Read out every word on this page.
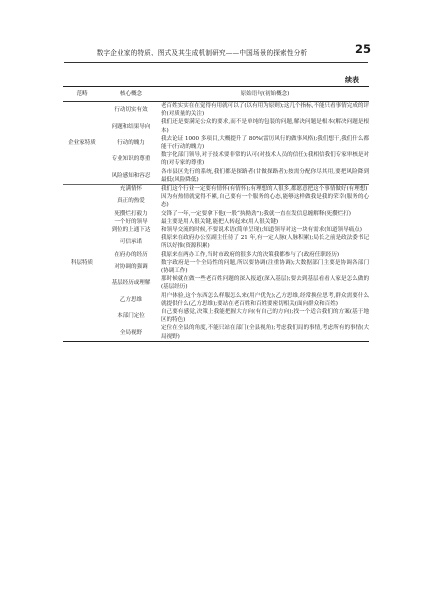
数字企业家的特质、图式及其生成机制研究——中国场景的探索性分析	25
续表
范畴	核心概念	原始语句(初始概念)
企业家特质	行动切实有效	老百姓实实在在觉得有用就可以了(以有用为原则);这几个指标,不能只看事情完成的评价(对质量的关注)
	问题和结果导向	我们还是要满足公众的要求,而不是单纯的包装的问题,解决问题是根本(解决问题是根本)
	行动的魄力	我去论证 1000 多项目,大概提升了 80%(雷厉风行的做事风格);我们想干,我们什么都能干(行动的魄力)
	专业知识的尊重	数字化部门领导,对于技术要非常的认可(对技术人员的信任);我相信我们专家审核是对的(对专家的尊重)
	风险感知和容忍	各市县区先行的系统,我们都是探路者(甘做探路者);按需分配你尽其用,要把风险降到最低(风险降低)
科层特质	充满情怀	我们这个行业一定要有情怀(有情怀);有理想的人很多,都愿意把这个事情做好(有理想)
	真正的热爱	因为有热情就觉得不累,自己要有一个服务的心态,能够这样做我是我的荣幸(服务的心态)
	死攒烂打毅力	交锋了一年,一定要拿下他(一股“执拗劲”);我就一直在发信息缠解释(死攒烂打)
	一个好的领导	最主要是用人很关键,能把人转起来(用人很关键)
	到位的上通下达	和领导交流的时候,不要说术语(简单呈现);知道领导对这一块有需求(知道领导痛点)
	可信承诺	我原来在政府办公室副主任待了 21 年,有一定人脉(人脉积累);局长之前是政法委书记所以好推(资源积累)
	在府办的经历	我原来在两办工作,当时市政府的很多大的决策我都参与了(政府任职经历)
	对协调的强调	数字政府是一个全局性的问题,所以要协调(注重协调);大数据部门主要是协调各部门(协调工作)
	基层经历或理解	那时候就在做一些老百姓问题的深入报道(深入基层);要去到基层看看人家是怎么做的(基层经历)
	乙方思维	用户体验,这个东西怎么样服怎么来(用户优先);乙方思维,经常换位思考,群众需要什么就提供什么(乙方思维);要站在老百姓和百姓要密切相关(面向群众和百姓)
	本部门定位	自己要有感觉,决策上我能把握大方向(有自己的方向);找一个适合我们的方案(基于地区的特色)
	全局视野	定位在全县的角度,不能只站在部门(全县视角);考虑我们局的事情,考虑所有的事情(大局视野)
